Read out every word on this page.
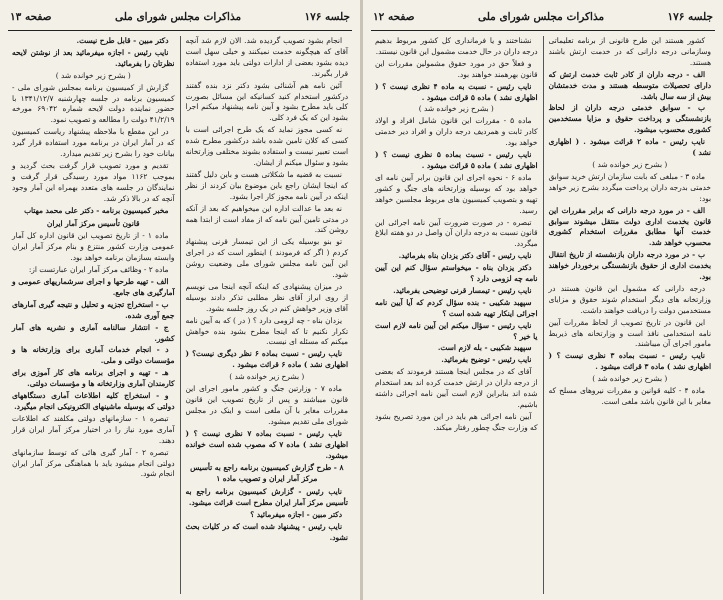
صفحه ۱۳	مذاکرات مجلس شورای ملی	جلسه ۱۷۶

انجام بشود تصویب گردیده شد. الان لازم شد آنچه آقای که هیچگونه خدمت نمیکنند و خیلی سهل است دیده بشود بعضی از ادارات دولتی باید مورد استفاده قرار بگیرند.

آئین نامه هم آشنائی بشود دکتر نزد بنده گفتند درکشور استخدام کنید کسانیکه این مسائل بصورت کلی باید مطرح بشود و آیین نامه پیشنهاد میکنم اجرا بشود این که یک فرد کلی.

نه کسی مجوز نماید که یک طرح اجرائی است با کسی که کلان تامین شده باشد درکشور مطرح شده است تعبیر نیست و استفاده بشوند مختلفی وزارتخانه بشود و سئوال میکنم از ایشان.

نسبت به قضیه ما شکلاتی هست و باین دلیل گفتند که اینجا ایشان راجع باین موضوع بیان کردند از نظر اینکه در آیین نامه مجوز کار اجرا بشود.

نه بعد ما عدالت اداره این میخواهیم که بعد از آنکه در مدتی تامین آیین نامه که از مفاد است از ابتدا همه روشن کند.

تو بنو بوسیله یکی از این تیمسار قرنی پیشنهاد کردم ( اگر که فرمودند ) اینطور است که در اجرای این آیین نامه مجلس شورای ملی وضعیت روشن شود.

در میزان پیشنهادی که اینکه آنچه اینجا می نویسم از روی ابراز آقای نظر مطلبی تذکر دادند بوسیله آقای وزیر خواهش کنم در یک روز جلسه بشود.

یزدان بناه - چه لزومی دارد ؟ ( در ) که به آیین نامه تکرار نکنیم تا که اینجا مطرح بشود بنده خواهش میکنم که مسئله ای نیست.

نایب رئیس - نسبت بماده ۶ نظر دیگری نیست؟ ( اظهاری نشد ) ماده ۶ قرائت میشود .

( بشرح زیر خوانده شد )

ماده ۷ - وزارتین جنگ و کشور مامور اجرای این قانون میباشند و پس از تاریخ تصویب این قانون مقررات مغایر با آن ملغی است و اینک در مجلس شورای ملی تقدیم میشود.

نایب رئیس - نسبت بماده ۷ نظری نیست ؟ ( اظهاری نشد ) ماده ۷ که مصوب شده است خوانده میشود.

۸ - طرح گزارش کمیسیون برنامه راجع به تأسیس مرکز آمار ایران و تصویب ماده ۱

نایب رئیس - گزارش کمیسیون برنامه راجع به تأسیس مرکز آمار ایران مطرح است قرائت میشود.

دکتر مبین - اجازه میفرمائید ؟

نایب رئیس - پیشنهاد شده است که در کلیات بحث نشود.

دکتر مبین - قابل طرح نیست.

نایب رئیس - اجازه میفرمائید بعد از نوشتن لایحه نظرتان را بفرمائید.

( بشرح زیر خوانده شد )

گزارش از کمیسیون برنامه بمجلس شورای ملی - کمیسیون برنامه در جلسه چهارشنبه ۱۳۴۱/۱۲/۷ با حضور نماینده دولت لایحه شماره ۶۹۰۴۲ مورخه ۴۱/۲/۱۹ دولت را مطالعه و تصویب نمود.

در این مقطع با ملاحظه پیشنهاد ریاست کمیسیون که در آمار ایران در برنامه مورد استفاده قرار گیرد بیانات خود را بشرح زیر تقدیم میدارد.

تقدیم و مورد تصویب قرار گرفت بحث گردید و بموجب ۱۱۶۲ مواد مورد رسیدگی قرار گرفت و نمایندگان در جلسه های متعدد بهمراه این آمار وجود آنچه که در بالا ذکر شد.

مخبر کمیسیون برنامه - دکتر علی محمد مهتاب

قانون تأسیس مرکز آمار ایران

ماده ۱ - از تاریخ تصویب این قانون اداره کل آمار عمومی وزارت کشور منتزع و بنام مرکز آمار ایران وابسته بسازمان برنامه خواهد بود.

ماده ۲ - وظائف مرکز آمار ایران عبارتست از:

الف - تهیه طرحها و اجرای سرشماریهای عمومی و آمارگیری های جامع.

ب - استخراج تجزیه و تحلیل و نتیجه گیری آمارهای جمع آوری شده.

ج - انتشار سالنامه آماری و نشریه های آمار کشور.

د - انجام خدمات آماری برای وزارتخانه ها و مؤسسات دولتی و ملی.

هـ - تهیه و اجرای برنامه های کار آموزی برای کارمندان آماری وزارتخانه ها و مؤسسات دولتی.

و - استخراج کلیه اطلاعات آماری دستگاههای دولتی که بوسیله ماشینهای الکترونیکی انجام میگیرد.

تبصره ۱ - سازمانهای دولتی مکلفند که اطلاعات آماری مورد نیاز را در اختیار مرکز آمار ایران قرار دهند.

تبصره ۲ - آمار گیری هائی که توسط سازمانهای دولتی انجام میشود باید با هماهنگی مرکز آمار ایران انجام شود.

صفحه ۱۲	مذاکرات مجلس شورای ملی	جلسه ۱۷۶

کشور هستند این طرح قانونی از برنامه تعلیماتی وسازمانی درجه دارانی که در خدمت ارتش باشند هستند.

الف - درجه داران از کادر ثابت خدمت ارتش که دارای تحصیلات متوسطه هستند و مدت خدمتشان بیش از سه سال باشد.

ب - سوابق خدمتی درجه داران از لحاظ بازنشستگی و پرداخت حقوق و مزایا مستخدمین کشوری محسوب میشود.

نایب رئیس - ماده ۲ قرائت میشود . ( اظهاری نشد )

( بشرح زیر خوانده شد )

ماده ۳ - مبلغی که بابت سازمان ارتش خرید سوابق خدمتی بدرجه داران پرداخت میگردد بشرح زیر خواهد بود:

الف - در مورد درجه دارانی که برابر مقررات این قانون بخدمت اداری دولت منتقل میشوند سوابق خدمت آنها مطابق مقررات استخدام کشوری محسوب خواهد شد.

ب - در مورد درجه داران بازنشسته از تاریخ انتقال بخدمت اداری از حقوق بازنشستگی برخوردار خواهند بود.

درجه دارانی که مشمول این قانون هستند در وزارتخانه های دیگر استخدام شوند حقوق و مزایای مستخدمین دولت را دریافت خواهند داشت.

این قانون در تاریخ تصویب از لحاظ مقررات آیین نامه استخدامی نافذ است و وزارتخانه های ذیربط مامور اجرای آن میباشند.

نایب رئیس - نسبت بماده ۳ نظری نیست ؟ ( اظهاری نشد ) ماده ۳ قرائت میشود .

( بشرح زیر خوانده شد )

ماده ۴ - کلیه قوانین و مقررات نیروهای مسلح که مغایر با این قانون باشد ملغی است.

نشناختند و یا فرمانداری کل کشور مربوط بدهیم درجه داران در حال خدمت مشمول این قانون نیستند.

و فعلاً حق در مورد حقوق مشمولین مقررات این قانون بهرهمند خواهند بود.

نایب رئیس - نسبت به ماده ۴ نظری نیست ؟ ( اظهاری نشد ) ماده ۵ قرائت میشود .

( بشرح زیر خوانده شد )

ماده ۵ - مقررات این قانون شامل افراد و اولاد کادر ثابت و همرديف درجه داران و افراد دیر خدمتی خواهد بود.

نایب رئیس - نسبت بماده ۵ نظری نیست ؟ ( اظهاری نشد ) ماده ۵ قرائت میشود .

ماده ۶ - نحوه اجرای این قانون برابر آیین نامه ای خواهد بود که بوسیله وزارتخانه های جنگ و کشور تهیه و بتصویب کمیسیون های مربوط مجلسین خواهد رسید.

تبصره - در صورت ضرورت آیین نامه اجرائی این قانون نسبت به درجه داران آن واصل در دو هفته ابلاغ میگردد.

نایب رئیس - آقای دکتر یزدان بناه بفرمائید.

دکتر یزدان بناه - میخواستم سؤال کنم این آیین نامه چه لزومی دارد ؟

نایب رئیس - تیمسار قرنی توضیحی بفرمائید.

سپهبد شکیبی - بنده سؤال کردم که آیا آیین نامه اجرائی اینکار تهیه شده است ؟

نایب رئیس - سؤال میکنم این آیین نامه لازم است یا خیر ؟

سپهبد شکیبی - بله لازم است.

نایب رئیس - توضیح بفرمائید.

آقای که در مجلس اینجا هستند فرمودند که بعضی از درجه داران در ارتش خدمت کرده اند بعد استخدام شده اند بنابراین لازم است آیین نامه اجرائی داشته باشیم.

آیین نامه اجرائی هم باید در این مورد تصریح بشود که وزارت جنگ چطور رفتار میکند.
